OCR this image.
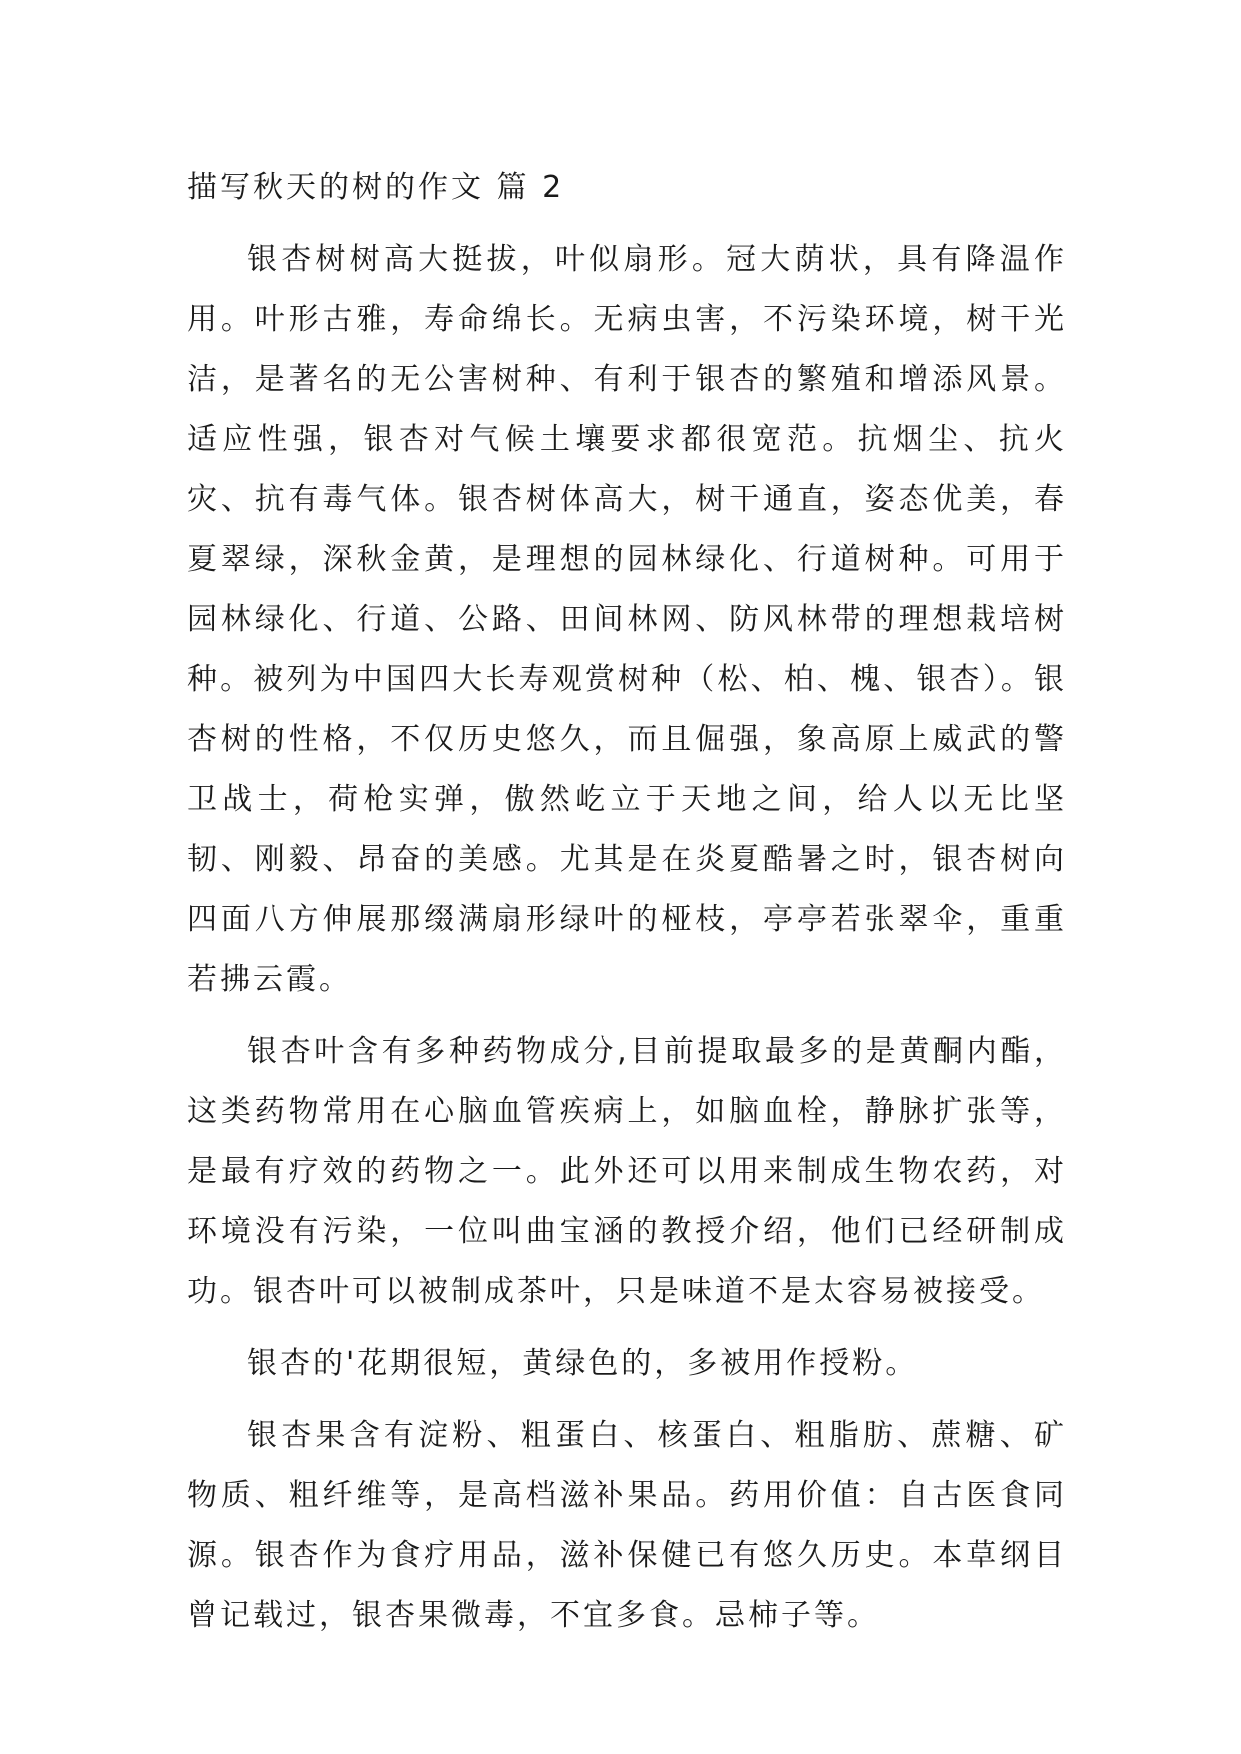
描写秋天的树的作文 篇 2

银杏树树高大挺拔，叶似扇形。冠大荫状，具有降温作用。叶形古雅，寿命绵长。无病虫害，不污染环境，树干光洁，是著名的无公害树种、有利于银杏的繁殖和增添风景。适应性强，银杏对气候土壤要求都很宽范。抗烟尘、抗火灾、抗有毒气体。银杏树体高大，树干通直，姿态优美，春夏翠绿，深秋金黄，是理想的园林绿化、行道树种。可用于园林绿化、行道、公路、田间林网、防风林带的理想栽培树种。被列为中国四大长寿观赏树种（松、柏、槐、银杏）。银杏树的性格，不仅历史悠久，而且倔强，象高原上威武的警卫战士，荷枪实弹，傲然屹立于天地之间，给人以无比坚韧、刚毅、昂奋的美感。尤其是在炎夏酷暑之时，银杏树向四面八方伸展那缀满扇形绿叶的桠枝，亭亭若张翠伞，重重若拂云霞。

银杏叶含有多种药物成分,目前提取最多的是黄酮内酯，这类药物常用在心脑血管疾病上，如脑血栓，静脉扩张等，是最有疗效的药物之一。此外还可以用来制成生物农药，对环境没有污染，一位叫曲宝涵的教授介绍，他们已经研制成功。银杏叶可以被制成茶叶，只是味道不是太容易被接受。

银杏的'花期很短，黄绿色的，多被用作授粉。

银杏果含有淀粉、粗蛋白、核蛋白、粗脂肪、蔗糖、矿物质、粗纤维等，是高档滋补果品。药用价值：自古医食同源。银杏作为食疗用品，滋补保健已有悠久历史。本草纲目曾记载过，银杏果微毒，不宜多食。忌柿子等。
